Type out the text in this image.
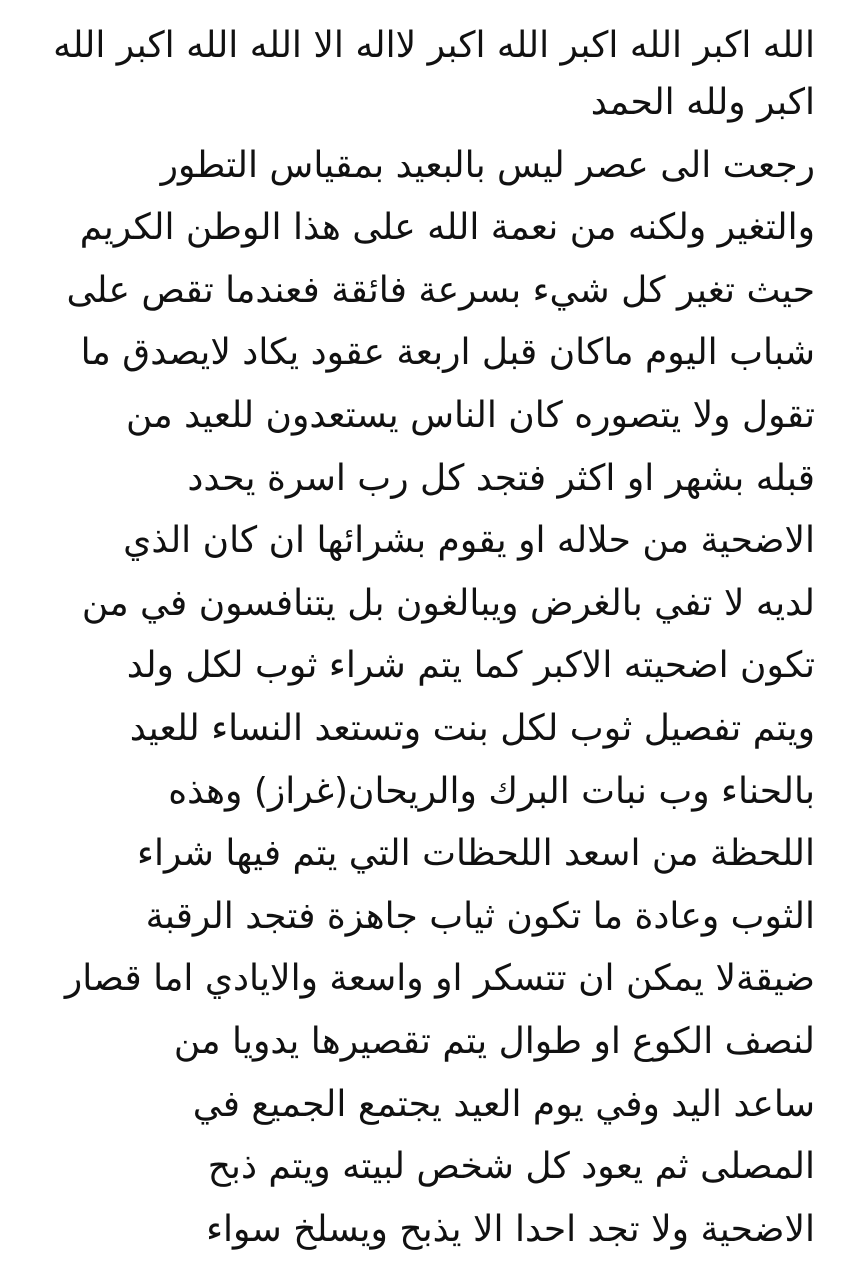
الله اكبر الله اكبر الله اكبر لااله الا الله الله اكبر الله
اكبر ولله الحمد
رجعت الى عصر ليس بالبعيد بمقياس التطور
والتغير ولكنه من نعمة الله على هذا الوطن الكريم
حيث تغير كل شيء بسرعة فائقة فعندما تقص على
شباب اليوم ماكان قبل اربعة عقود يكاد لايصدق ما
تقول ولا يتصوره كان الناس يستعدون للعيد من
قبله بشهر او اكثر فتجد كل رب اسرة يحدد
الاضحية من حلاله او يقوم بشرائها ان كان الذي
لديه لا تفي بالغرض ويبالغون بل يتنافسون في من
تكون اضحيته الاكبر كما يتم شراء ثوب لكل ولد
ويتم تفصيل ثوب لكل بنت وتستعد النساء للعيد
بالحناء وب نبات البرك والريحان(غراز) وهذه
اللحظة من اسعد اللحظات التي يتم فيها شراء
الثوب وعادة ما تكون ثياب جاهزة فتجد الرقبة
ضيقةلا يمكن ان تتسكر او واسعة والايادي اما قصار
لنصف الكوع او طوال يتم تقصيرها يدويا من
ساعد اليد وفي يوم العيد يجتمع الجميع في
المصلى ثم يعود كل شخص لبيته ويتم ذبح
الاضحية ولا تجد احدا الا يذبح ويسلخ سواء
